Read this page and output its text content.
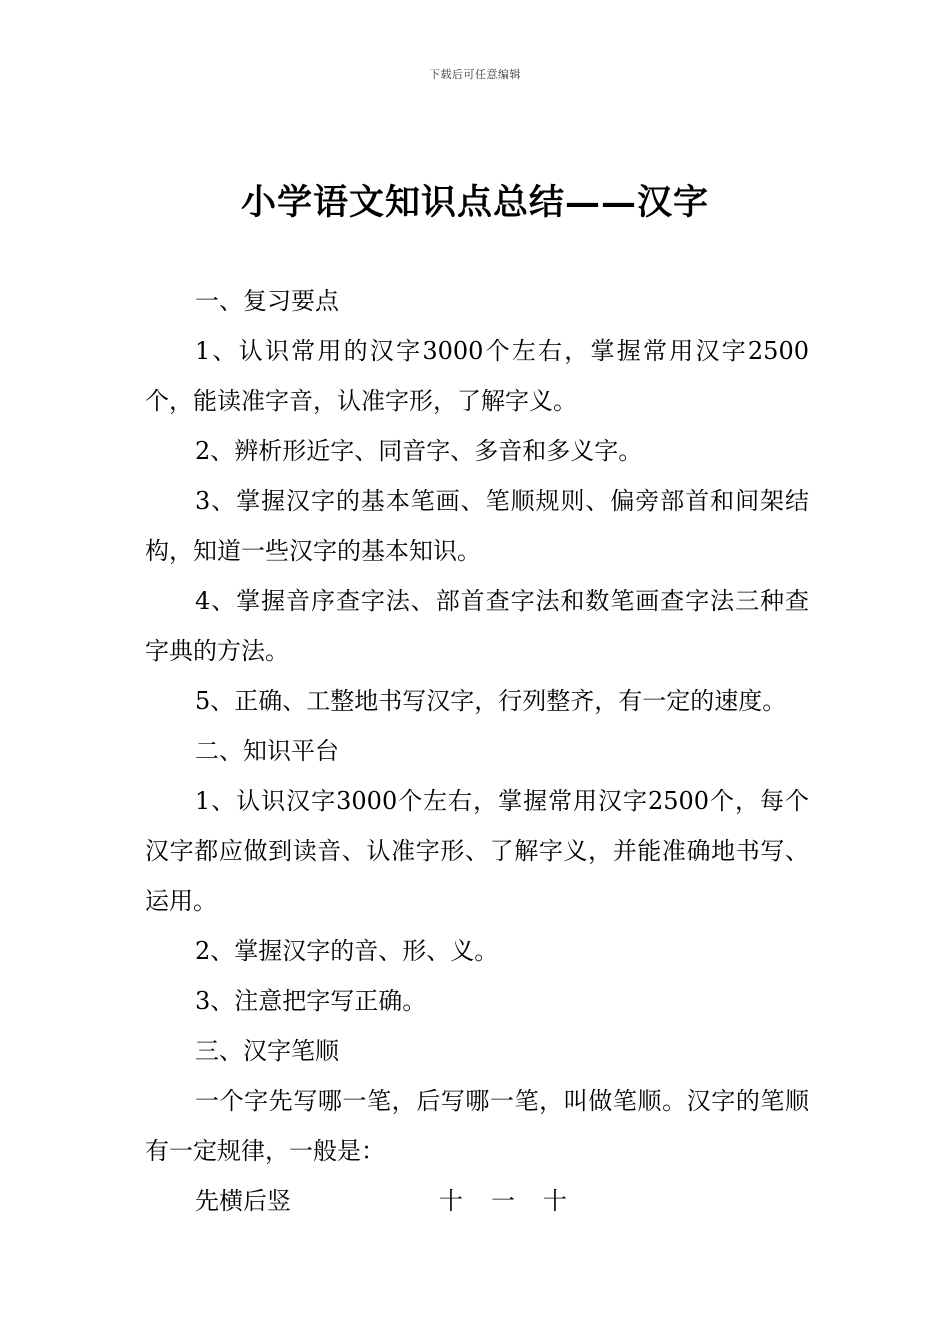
下载后可任意编辑
小学语文知识点总结——汉字

一、复习要点

1、认识常用的汉字3000个左右，掌握常用汉字2500个，能读准字音，认准字形，了解字义。

2、辨析形近字、同音字、多音和多义字。

3、掌握汉字的基本笔画、笔顺规则、偏旁部首和间架结构，知道一些汉字的基本知识。

4、掌握音序查字法、部首查字法和数笔画查字法三种查字典的方法。

5、正确、工整地书写汉字，行列整齐，有一定的速度。

二、知识平台

1、认识汉字3000个左右，掌握常用汉字2500个，每个汉字都应做到读音、认准字形、了解字义，并能准确地书写、运用。

2、掌握汉字的音、形、义。

3、注意把字写正确。

三、汉字笔顺

一个字先写哪一笔，后写哪一笔，叫做笔顺。汉字的笔顺有一定规律，一般是：

先横后竖	十 一 十
